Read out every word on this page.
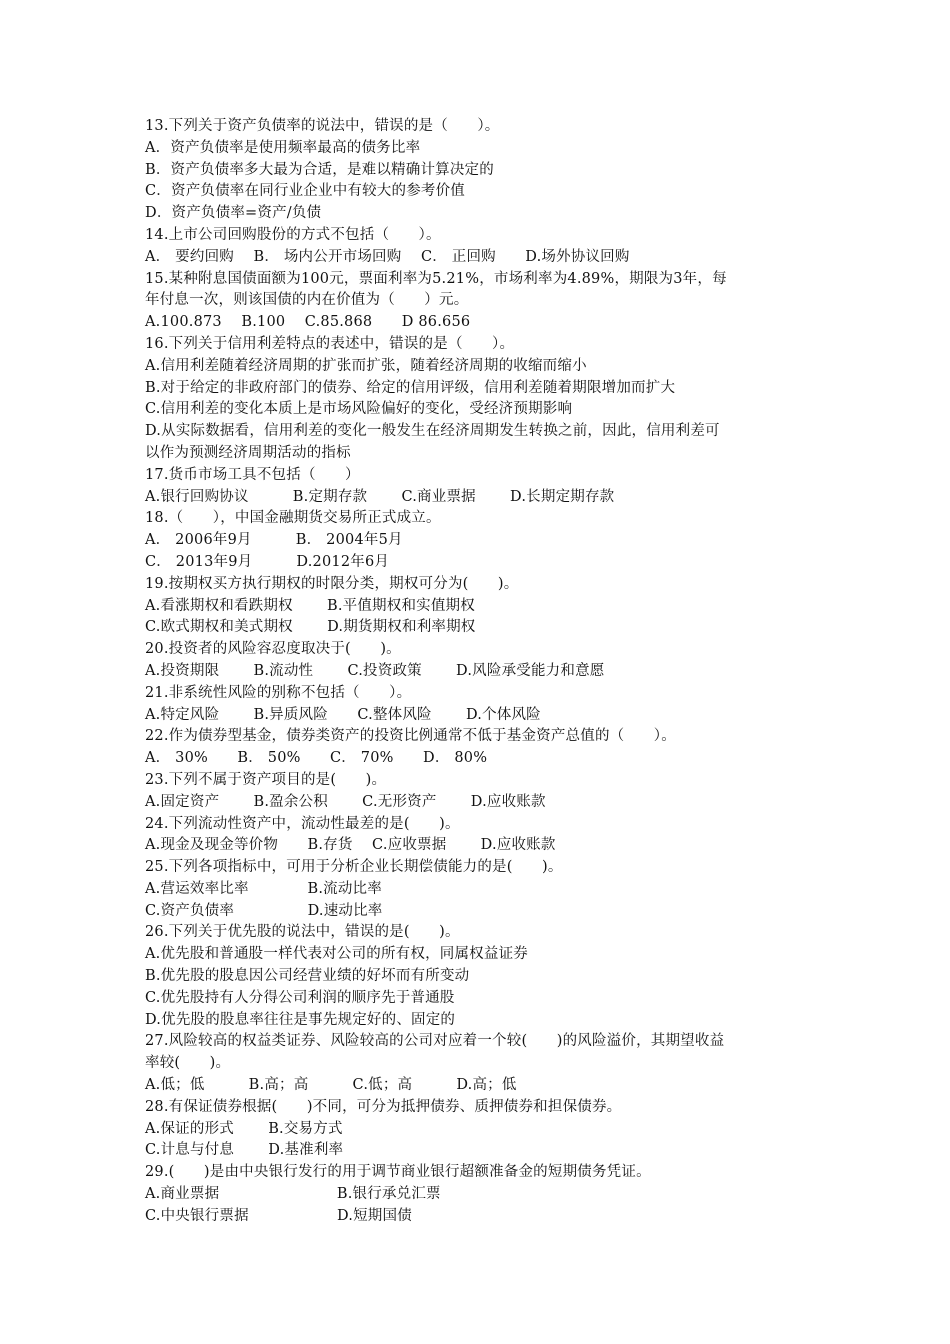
13.下列关于资产负债率的说法中，错误的是（　　）。
A．资产负债率是使用频率最高的债务比率
B．资产负债率多大最为合适，是难以精确计算决定的
C．资产负债率在同行业企业中有较大的参考价值
D．资产负债率=资产/负债
14.上市公司回购股份的方式不包括（　　）。
A． 要约回购　 B． 场内公开市场回购　 C． 正回购　　D.场外协议回购
15.某种附息国债面额为100元，票面利率为5.21%，市场利率为4.89%，期限为3年，每
年付息一次，则该国债的内在价值为（　　）元。
A.100.873　 B.100　 C.85.868　　D 86.656
16.下列关于信用利差特点的表述中，错误的是（　　）。
A.信用利差随着经济周期的扩张而扩张，随着经济周期的收缩而缩小
B.对于给定的非政府部门的债券、给定的信用评级，信用利差随着期限增加而扩大
C.信用利差的变化本质上是市场风险偏好的变化，受经济预期影响
D.从实际数据看，信用利差的变化一般发生在经济周期发生转换之前，因此，信用利差可
以作为预测经济周期活动的指标
17.货币市场工具不包括（　　）
A.银行回购协议　　　B.定期存款　　 C.商业票据　　 D.长期定期存款
18.（　　），中国金融期货交易所正式成立。
A． 2006年9月　　　B． 2004年5月
C． 2013年9月　　　D.2012年6月
19.按期权买方执行期权的时限分类，期权可分为(　　)。
A.看涨期权和看跌期权　　 B.平值期权和实值期权
C.欧式期权和美式期权　　 D.期货期权和利率期权
20.投资者的风险容忍度取决于(　　)。
A.投资期限　　 B.流动性　　 C.投资政策　　 D.风险承受能力和意愿
21.非系统性风险的别称不包括（　　）。
A.特定风险　　 B.异质风险　　C.整体风险　　 D.个体风险
22.作为债券型基金，债券类资产的投资比例通常不低于基金资产总值的（　　）。
A． 30%　　B． 50%　　C． 70%　　D． 80%
23.下列不属于资产项目的是(　　)。
A.固定资产　　 B.盈余公积　　 C.无形资产　　 D.应收账款
24.下列流动性资产中，流动性最差的是(　　)。
A.现金及现金等价物　　B.存货　 C.应收票据　　 D.应收账款
25.下列各项指标中，可用于分析企业长期偿债能力的是(　　)。
A.营运效率比率　　　　B.流动比率
C.资产负债率　　　　　D.速动比率
26.下列关于优先股的说法中，错误的是(　　)。
A.优先股和普通股一样代表对公司的所有权，同属权益证券
B.优先股的股息因公司经营业绩的好坏而有所变动
C.优先股持有人分得公司利润的顺序先于普通股
D.优先股的股息率往往是事先规定好的、固定的
27.风险较高的权益类证券、风险较高的公司对应着一个较(　　)的风险溢价，其期望收益
率较(　　)。
A.低；低　　　B.高；高　　　C.低；高　　　D.高；低
28.有保证债券根据(　　)不同，可分为抵押债券、质押债券和担保债券。
A.保证的形式　　 B.交易方式
C.计息与付息　　 D.基准利率
29.(　　)是由中央银行发行的用于调节商业银行超额准备金的短期债务凭证。
A.商业票据　　　　　　　　B.银行承兑汇票
C.中央银行票据　　　　　　D.短期国债
